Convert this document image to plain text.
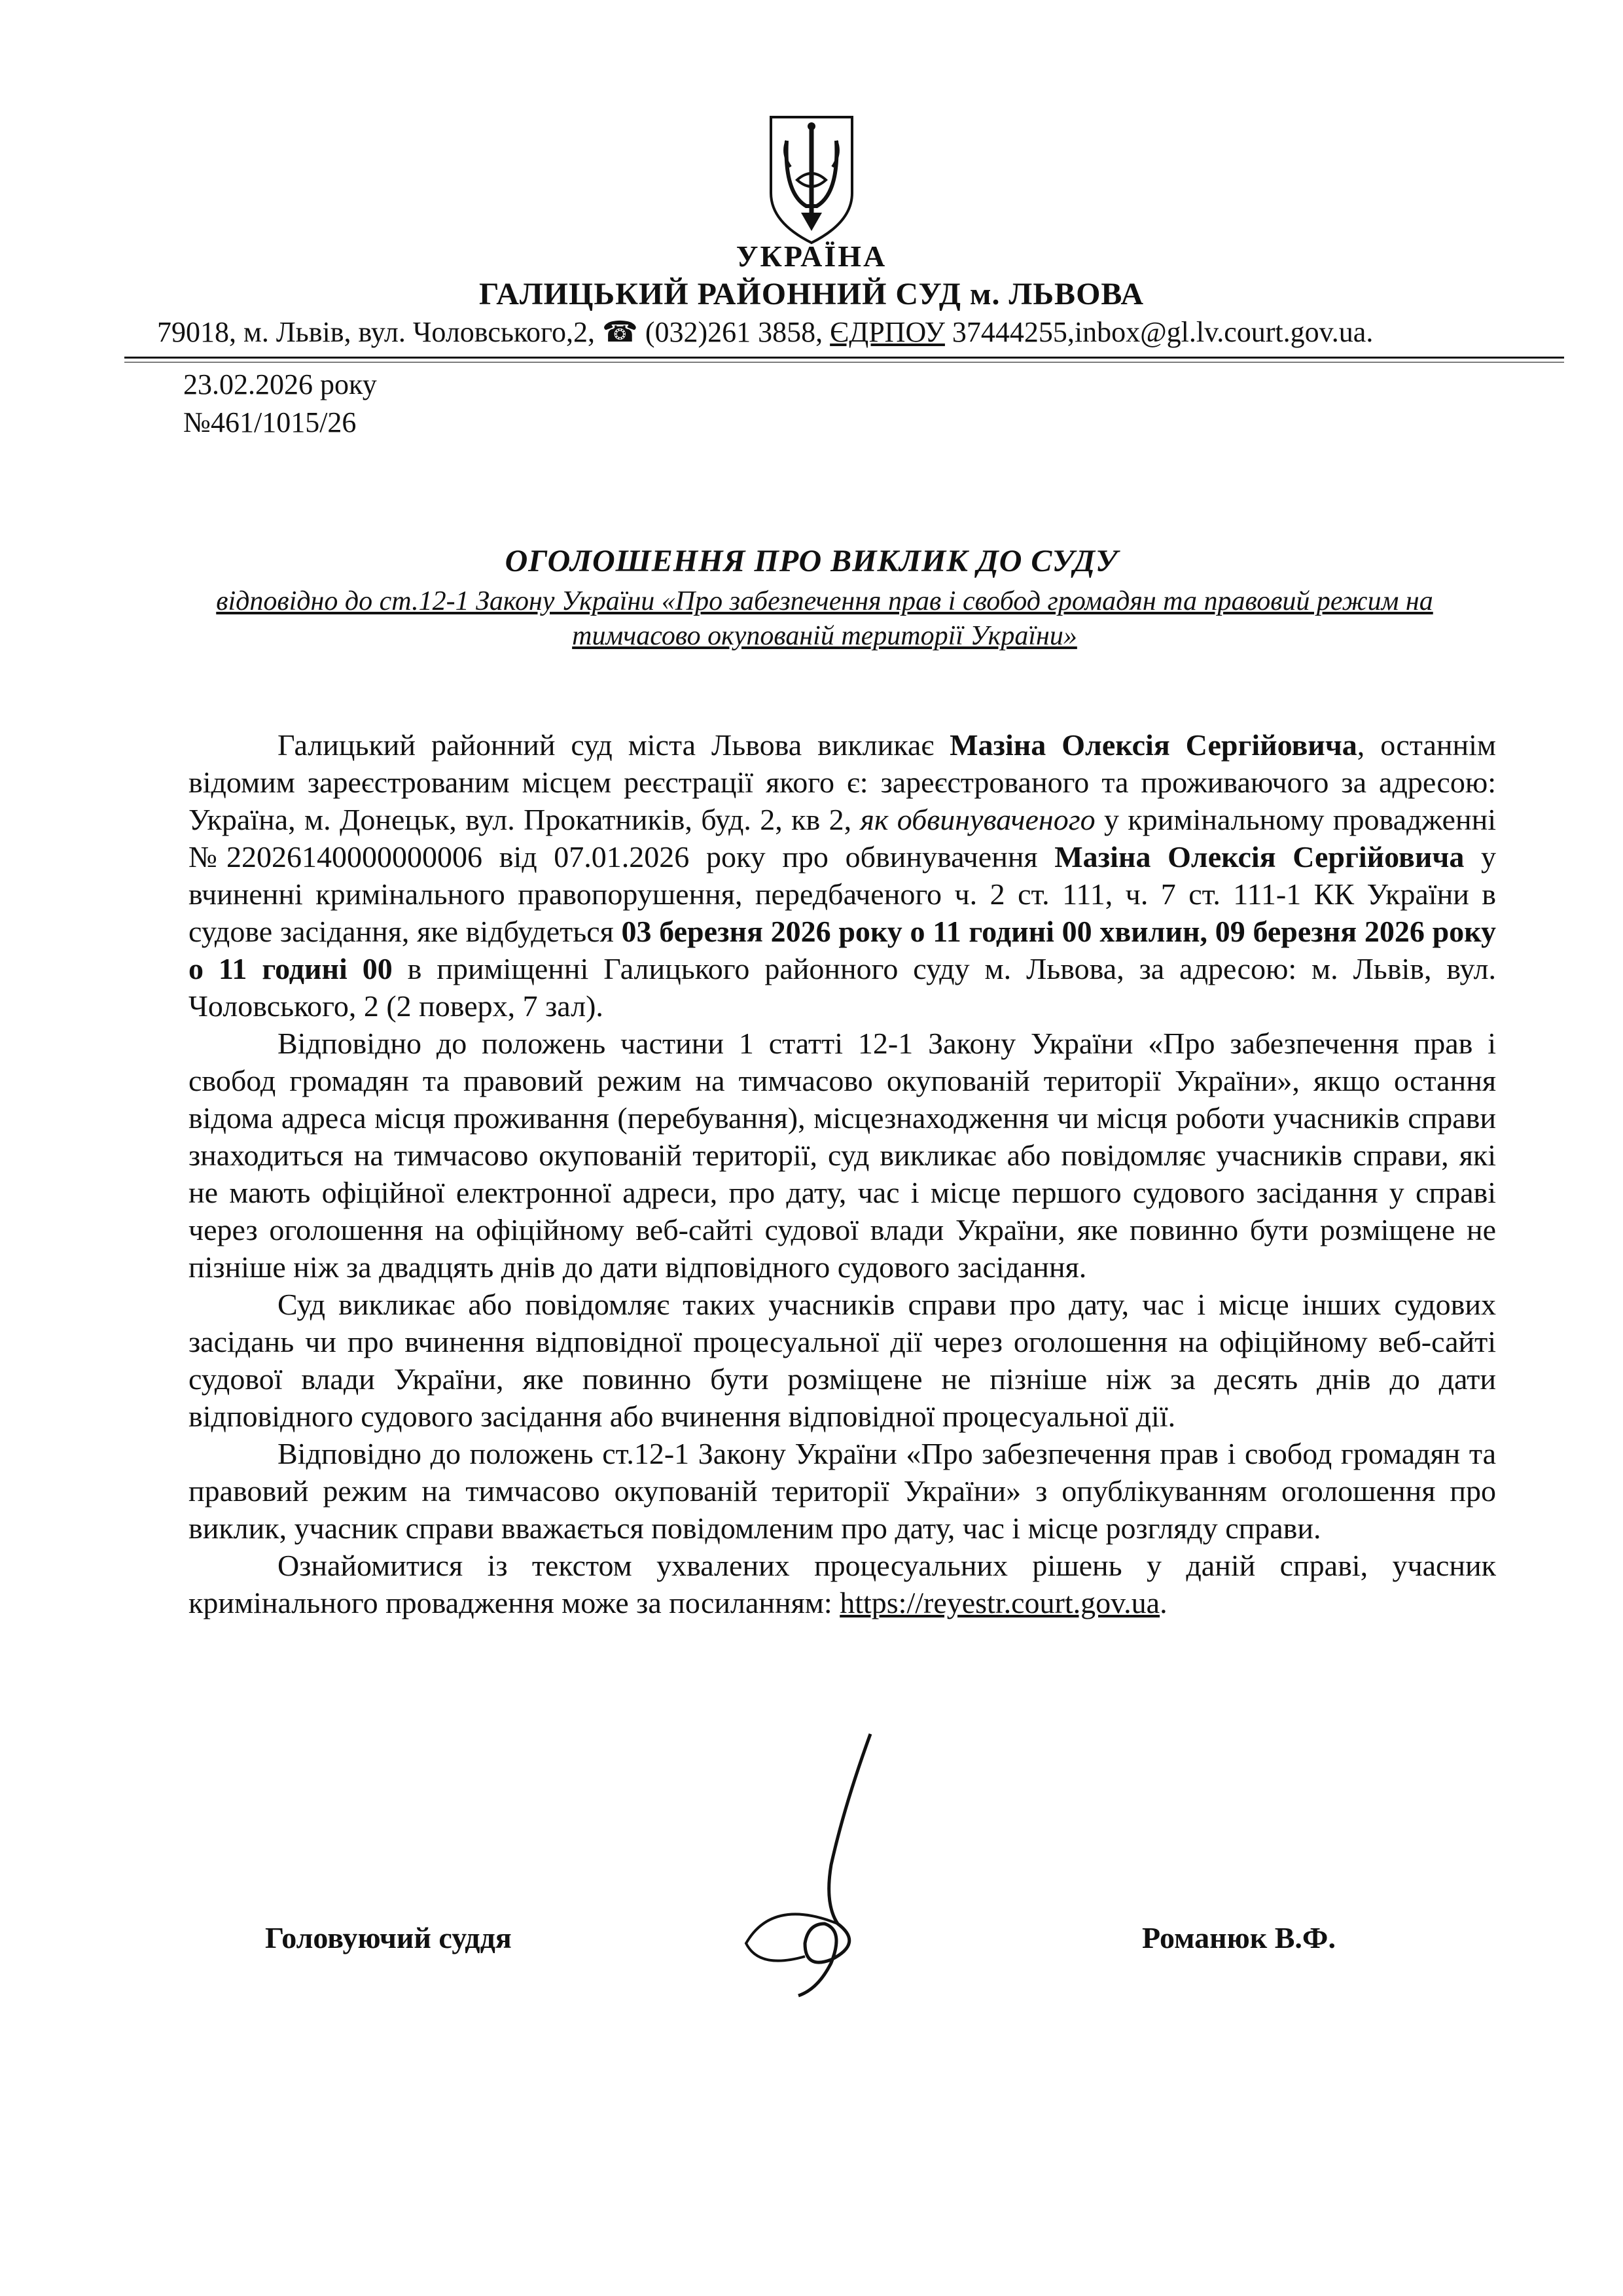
УКРАЇНА
ГАЛИЦЬКИЙ РАЙОННИЙ СУД м. ЛЬВОВА
79018, м. Львів, вул. Чоловського,2, ☎ (032)261 3858, ЄДРПОУ 37444255,inbox@gl.lv.court.gov.ua.
23.02.2026 року
№461/1015/26
ОГОЛОШЕННЯ ПРО ВИКЛИК ДО СУДУ
відповідно до ст.12-1 Закону України «Про забезпечення прав і свобод громадян та правовий режим на тимчасово окупованій території України»

Галицький районний суд міста Львова викликає Мазіна Олексія Сергійовича, останнім відомим зареєстрованим місцем реєстрації якого є: зареєстрованого та проживаючого за адресою: Україна, м. Донецьк, вул. Прокатників, буд. 2, кв 2, як обвинуваченого у кримінальному провадженні №22026140000000006 від 07.01.2026 року про обвинувачення Мазіна Олексія Сергійовича у вчиненні кримінального правопорушення, передбаченого ч. 2 ст. 111, ч. 7 ст. 111-1 КК України в судове засідання, яке відбудеться 03 березня 2026 року о 11 годині 00 хвилин, 09 березня 2026 року о 11 годині 00 в приміщенні Галицького районного суду м. Львова, за адресою: м. Львів, вул. Чоловського, 2 (2 поверх, 7 зал).

Відповідно до положень частини 1 статті 12-1 Закону України «Про забезпечення прав і свобод громадян та правовий режим на тимчасово окупованій території України», якщо остання відома адреса місця проживання (перебування), місцезнаходження чи місця роботи учасників справи знаходиться на тимчасово окупованій території, суд викликає або повідомляє учасників справи, які не мають офіційної електронної адреси, про дату, час і місце першого судового засідання у справі через оголошення на офіційному веб-сайті судової влади України, яке повинно бути розміщене не пізніше ніж за двадцять днів до дати відповідного судового засідання.

Суд викликає або повідомляє таких учасників справи про дату, час і місце інших судових засідань чи про вчинення відповідної процесуальної дії через оголошення на офіційному веб-сайті судової влади України, яке повинно бути розміщене не пізніше ніж за десять днів до дати відповідного судового засідання або вчинення відповідної процесуальної дії.

Відповідно до положень ст.12-1 Закону України «Про забезпечення прав і свобод громадян та правовий режим на тимчасово окупованій території України» з опублікуванням оголошення про виклик, учасник справи вважається повідомленим про дату, час і місце розгляду справи.

Ознайомитися із текстом ухвалених процесуальних рішень у даній справі, учасник кримінального провадження може за посиланням: https://reyestr.court.gov.ua.

Головуючий суддя	Романюк В.Ф.
